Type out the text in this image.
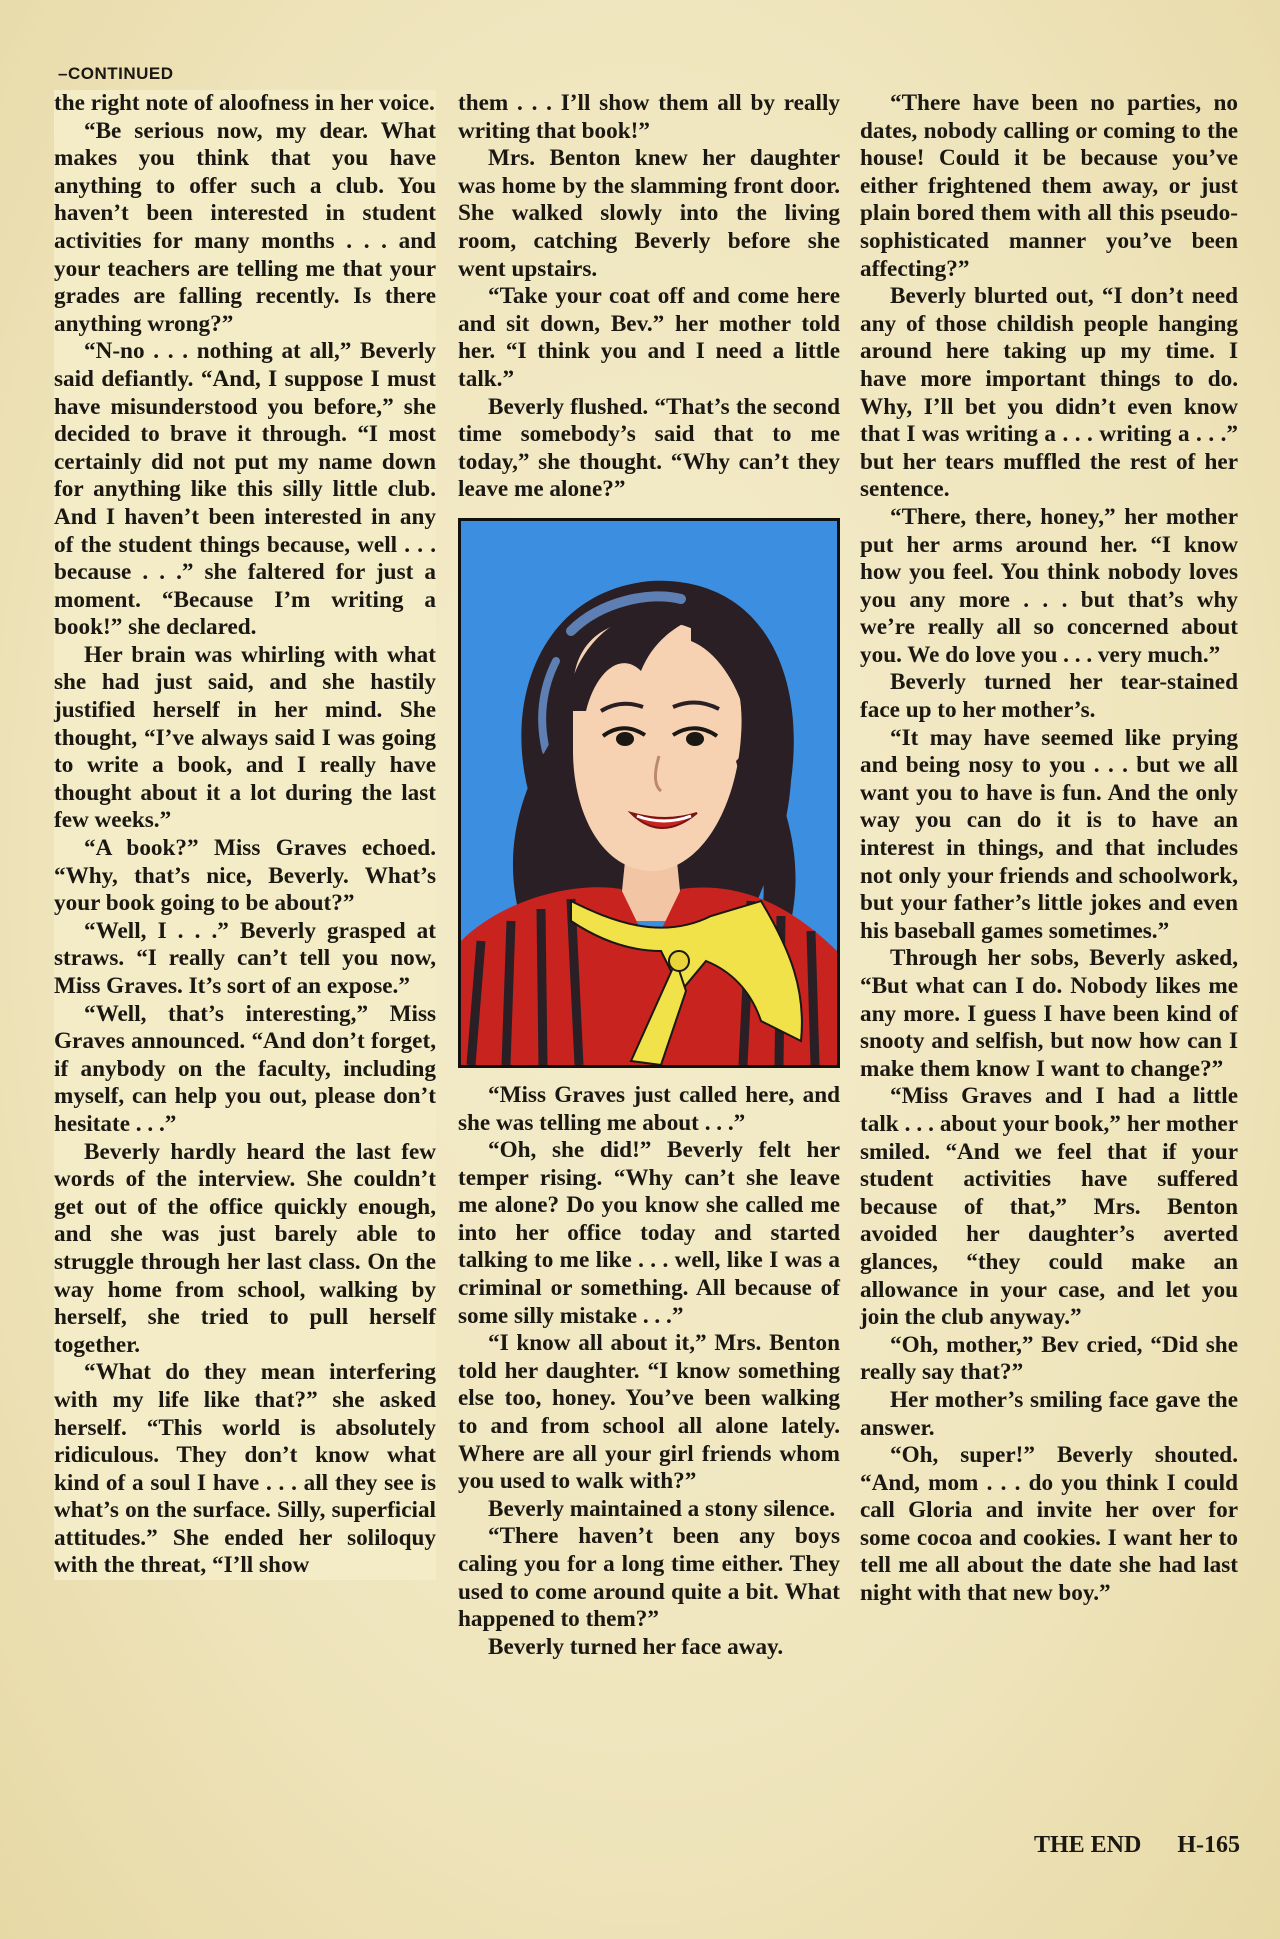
–CONTINUED

the right note of aloofness in her voice.

“Be serious now, my dear. What makes you think that you have anything to offer such a club. You haven’t been interested in student activities for many months . . . and your teachers are telling me that your grades are falling recently. Is there anything wrong?”

“N-no . . . nothing at all,” Beverly said defiantly. “And, I suppose I must have misunderstood you before,” she decided to brave it through. “I most certainly did not put my name down for anything like this silly little club. And I haven’t been interested in any of the student things because, well . . . because . . .” she faltered for just a moment. “Because I’m writing a book!” she declared.

Her brain was whirling with what she had just said, and she hastily justified herself in her mind. She thought, “I’ve always said I was going to write a book, and I really have thought about it a lot during the last few weeks.”

“A book?” Miss Graves echoed. “Why, that’s nice, Beverly. What’s your book going to be about?”

“Well, I . . .” Beverly grasped at straws. “I really can’t tell you now, Miss Graves. It’s sort of an expose.”

“Well, that’s interesting,” Miss Graves announced. “And don’t forget, if anybody on the faculty, including myself, can help you out, please don’t hesitate . . .”

Beverly hardly heard the last few words of the interview. She couldn’t get out of the office quickly enough, and she was just barely able to struggle through her last class. On the way home from school, walking by herself, she tried to pull herself together.

“What do they mean interfering with my life like that?” she asked herself. “This world is absolutely ridiculous. They don’t know what kind of a soul I have . . . all they see is what’s on the surface. Silly, superficial attitudes.” She ended her soliloquy with the threat, “I’ll show

them . . . I’ll show them all by really writing that book!”

Mrs. Benton knew her daughter was home by the slamming front door. She walked slowly into the living room, catching Beverly before she went upstairs.

“Take your coat off and come here and sit down, Bev.” her mother told her. “I think you and I need a little talk.”

Beverly flushed. “That’s the second time somebody’s said that to me today,” she thought. “Why can’t they leave me alone?”

“Miss Graves just called here, and she was telling me about . . .”

“Oh, she did!” Beverly felt her temper rising. “Why can’t she leave me alone? Do you know she called me into her office today and started talking to me like . . . well, like I was a criminal or something. All because of some silly mistake . . .”

“I know all about it,” Mrs. Benton told her daughter. “I know something else too, honey. You’ve been walking to and from school all alone lately. Where are all your girl friends whom you used to walk with?”

Beverly maintained a stony silence.

“There haven’t been any boys caling you for a long time either. They used to come around quite a bit. What happened to them?”

Beverly turned her face away.

“There have been no parties, no dates, nobody calling or coming to the house! Could it be because you’ve either frightened them away, or just plain bored them with all this pseudo-sophisticated manner you’ve been affecting?”

Beverly blurted out, “I don’t need any of those childish people hanging around here taking up my time. I have more important things to do. Why, I’ll bet you didn’t even know that I was writing a . . . writing a . . .” but her tears muffled the rest of her sentence.

“There, there, honey,” her mother put her arms around her. “I know how you feel. You think nobody loves you any more . . . but that’s why we’re really all so concerned about you. We do love you . . . very much.”

Beverly turned her tear-stained face up to her mother’s.

“It may have seemed like prying and being nosy to you . . . but we all want you to have is fun. And the only way you can do it is to have an interest in things, and that includes not only your friends and schoolwork, but your father’s little jokes and even his baseball games sometimes.”

Through her sobs, Beverly asked, “But what can I do. Nobody likes me any more. I guess I have been kind of snooty and selfish, but now how can I make them know I want to change?”

“Miss Graves and I had a little talk . . . about your book,” her mother smiled. “And we feel that if your student activities have suffered because of that,” Mrs. Benton avoided her daughter’s averted glances, “they could make an allowance in your case, and let you join the club anyway.”

“Oh, mother,” Bev cried, “Did she really say that?”

Her mother’s smiling face gave the answer.

“Oh, super!” Beverly shouted. “And, mom . . . do you think I could call Gloria and invite her over for some cocoa and cookies. I want her to tell me all about the date she had last night with that new boy.”

THE END H-165
